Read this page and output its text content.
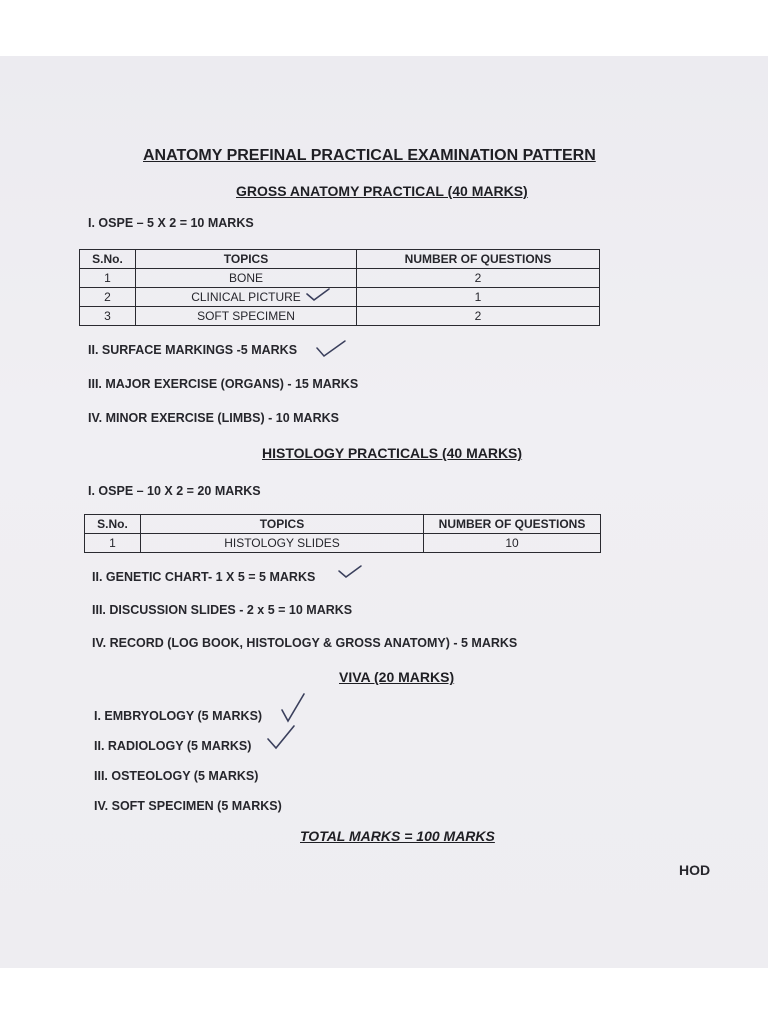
ANATOMY PREFINAL PRACTICAL EXAMINATION PATTERN
GROSS ANATOMY PRACTICAL (40 MARKS)
I. OSPE – 5 X 2 = 10 MARKS
S.No.	TOPICS	NUMBER OF QUESTIONS
1	BONE	2
2	CLINICAL PICTURE	1
3	SOFT SPECIMEN	2
II. SURFACE MARKINGS -5 MARKS
III. MAJOR EXERCISE (ORGANS) - 15 MARKS
IV. MINOR EXERCISE (LIMBS) - 10 MARKS
HISTOLOGY PRACTICALS (40 MARKS)
I. OSPE – 10 X 2 = 20 MARKS
S.No.	TOPICS	NUMBER OF QUESTIONS
1	HISTOLOGY SLIDES	10
II. GENETIC CHART- 1 X 5 = 5 MARKS
III. DISCUSSION SLIDES - 2 x 5 = 10 MARKS
IV. RECORD (LOG BOOK, HISTOLOGY & GROSS ANATOMY) - 5 MARKS
VIVA (20 MARKS)
I. EMBRYOLOGY (5 MARKS)
II. RADIOLOGY (5 MARKS)
III. OSTEOLOGY (5 MARKS)
IV. SOFT SPECIMEN (5 MARKS)
TOTAL MARKS = 100 MARKS
HOD
